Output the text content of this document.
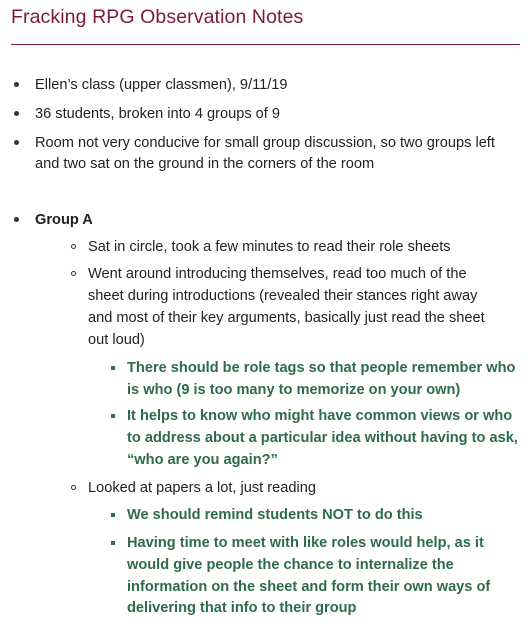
Fracking RPG Observation Notes
Ellen’s class (upper classmen), 9/11/19
36 students, broken into 4 groups of 9
Room not very conducive for small group discussion, so two groups left
and two sat on the ground in the corners of the room
Group A
Sat in circle, took a few minutes to read their role sheets
Went around introducing themselves, read too much of the
sheet during introductions (revealed their stances right away
and most of their key arguments, basically just read the sheet
out loud)
There should be role tags so that people remember who
is who (9 is too many to memorize on your own)
It helps to know who might have common views or who
to address about a particular idea without having to ask,
“who are you again?”
Looked at papers a lot, just reading
We should remind students NOT to do this
Having time to meet with like roles would help, as it
would give people the chance to internalize the
information on the sheet and form their own ways of
delivering that info to their group
